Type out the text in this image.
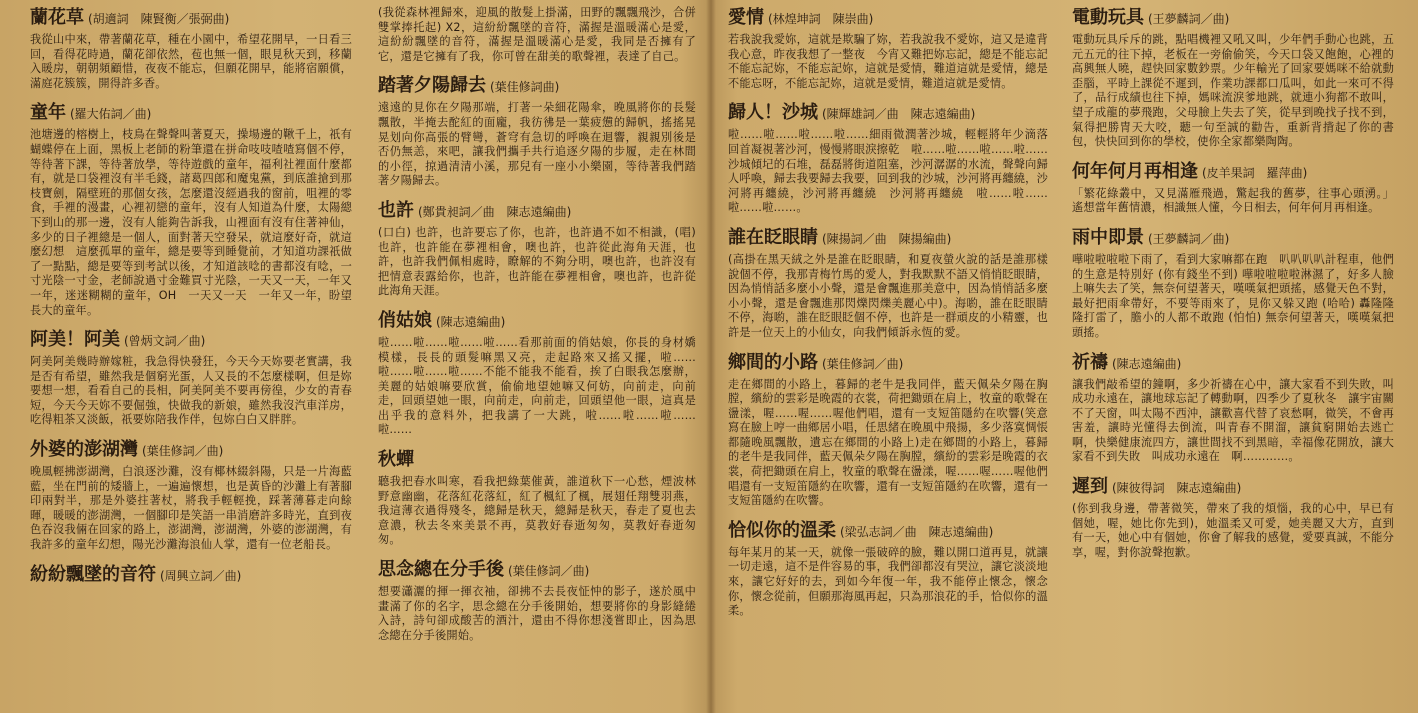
蘭花草 (胡適詞　陳賢衡／張弼曲)

我從山中來，帶著蘭花草，種在小園中，希望花開早，一日看三回，看得花時過，蘭花卻依然，苞也無一個，眼見秋天到，移蘭入暖房，朝朝頻顧惜，夜夜不能忘，但願花開早，能將宿願償，滿庭花簇簇，開得許多香。

童年 (羅大佑詞／曲)

池塘邊的榕樹上，枝鳥在聲聲叫著夏天，操場邊的鞦千上，祇有蝴蝶停在上面，黑板上老師的粉筆還在拼命吱吱喳喳寫個不停，等待著下課，等待著放學，等待遊戲的童年，福利社裡面什麼都有，就是口袋裡沒有半毛錢，諸葛四郎和魔鬼黨，到底誰搶到那枝寶劍，隔壁班的那個女孩，怎麼還沒經過我的窗前，咀裡的零食，手裡的漫畫，心裡初戀的童年，沒有人知道為什麼，太陽總下到山的那一邊，沒有人能夠告訴我，山裡面有沒有住著神仙，多少的日子裡總是一個人，面對著天空發呆，就這麼好奇，就這麼幻想　這麼孤單的童年，總是要等到睡覺前，才知道功課祇做了一點點，總是要等到考試以後，才知道該唸的書都沒有唸，一寸光陰一寸金，老師說過寸金難買寸光陰，一天又一天，一年又一年，迷迷糊糊的童年，OH　一天又一天　一年又一年，盼望長大的童年。

阿美！阿美 (曾炳文詞／曲)

阿美阿美幾時辦嫁粧，我急得快發狂，今天今天妳要老實講，我是否有希望，雖然我是個窮光蛋，人又長的不怎麼樣啊，但是妳要想一想，看看自己的長相，阿美阿美不要再傍徨，少女的青春短，今天今天妳不要倔強，快做我的新娘，雖然我沒汽車洋房，吃得粗茶又淡飯，祇要妳陪我作伴，包妳白白又胖胖。

外婆的澎湖灣 (葉佳修詞／曲)

晚風輕拂澎湖灣，白浪逐沙灘，沒有椰林綴斜陽，只是一片海藍藍，坐在門前的矮牆上，一遍遍懷想，也是黃昏的沙灘上有著腳印兩對半，那是外婆拄著杖，將我手輕輕挽，踩著薄暮走向餘暉，暖暖的澎湖灣，一個腳印是笑語一串消磨許多時光，直到夜色吞沒我倆在回家的路上，澎湖灣，澎湖灣，外婆的澎湖灣，有我許多的童年幻想，陽光沙灘海浪仙人掌，還有一位老船長。

紛紛飄墜的音符 (周興立詞／曲)

(我從森林裡歸來，迎風的散髮上掛滿，田野的飄飄飛沙，合併雙掌捧托起) X2，這紛紛飄墜的音符，滿握是溫暖滿心是愛，這紛紛飄墜的音符，滿握是溫暖滿心是愛，我同是否擁有了它，還是它擁有了我，你可曾在甜美的歌聲裡，表達了自己。

踏著夕陽歸去 (葉佳修詞曲)

遠遠的見你在夕陽那端，打著一朵細花陽傘，晚風將你的長髮飄散，半掩去酡紅的面龐，我彷彿是一葉疲憊的歸帆，搖搖晃晃划向你高張的臂彎，蒼穹有急切的呼喚在迴響，親親別後是否仍無恙，來吧，讓我們攜手共行追逐夕陽的步履，走在林間的小徑，掠過清清小溪，那兒有一座小小樂園，等待著我們踏著夕陽歸去。

也許 (鄭貴昶詞／曲　陳志遠編曲)

(口白) 也許，也許要忘了你，也許，也許過不如不相識，(唱) 也許，也許能在夢裡相會，噢也許，也許從此海角天涯，也許，也許我們佩相處時，瞭解的不夠分明，噢也許，也許沒有把情意表露給你，也許，也許能在夢裡相會，噢也許，也許從此海角天涯。

俏姑娘 (陳志遠編曲)

啦……啦……啦……啦……看那前面的俏姑娘，你長的身材嬌模樣，長長的頭髮嘛黑又亮，走起路來又搖又擺，啦……啦……啦……啦……不能不能我不能看，挨了白眼我怎麼辦，美麗的姑娘嘛要欣賞，偷偷地望她嘛又何妨，向前走，向前走，回頭望她一眼，向前走，向前走，回頭望他一眼，這真是出乎我的意料外，把我講了一大跳，啦……啦……啦……啦……

秋蟬

聽我把春水叫寒，看我把綠葉催黃，誰道秋下一心愁，煙波林野意幽幽，花落紅花落紅，紅了楓紅了楓，展翅任翔雙羽燕，我這薄衣過得殘冬，總歸是秋天，總歸是秋天，春走了夏也去意濃，秋去冬來美景不再，莫教好春逝匆匆，莫教好春逝匆匆。

思念總在分手後 (葉佳修詞／曲)

想要瀟灑的揮一揮衣袖，卻拂不去長夜怔忡的影子，遂於風中畫滿了你的名字，思念總在分手後開始，想要將你的身影縫綣入詩，詩句卻成酸苦的酒汁，還由不得你想淺嘗即止，因為思念總在分手後開始。

愛情 (林煌坤詞　陳崇曲)

若我說我愛妳，這就是欺騙了妳，若我說我不愛妳，這又是違背我心意，昨夜我想了一整夜　今宵又難把妳忘記，總是不能忘記不能忘記妳，不能忘記妳，這就是愛情，難道這就是愛情，總是不能忘呀，不能忘記妳，這就是愛情，難道這就是愛情。

歸人！沙城 (陳輝雄詞／曲　陳志遠編曲)

啦……啦……啦……啦……細雨微潤著沙城，輕輕將年少滴落　回首凝視著沙河，慢慢將眼淚擦乾　啦……啦……啦……啦……沙城傾圮的石堆，磊磊將街道阻塞，沙河潺潺的水流，聲聲向歸人呼喚，歸去我要歸去我要，回到我的沙城，沙河將再纏繞，沙河將再纏繞，沙河將再纏繞　沙河將再纏繞　啦……啦……啦……啦……。

誰在眨眼睛 (陳揚詞／曲　陳揚編曲)

(高掛在黑天絨之外是誰在眨眼睛，和夏夜螢火說的話是誰那樣說個不停，我那青梅竹馬的愛人，對我默默不語又悄悄眨眼睛，因為悄悄話多麼小小聲，還是會飄進那美意中，因為悄悄話多麼小小聲，還是會飄進那閃爍閃爍美麗心中)。海喲，誰在眨眼睛不停，海喲，誰在眨眼眨個不停，也許是一群頑皮的小精靈，也許是一位天上的小仙女，向我們傾訴永恆的愛。

鄉間的小路 (葉佳修詞／曲)

走在鄉間的小路上，暮歸的老牛是我同伴，藍天佩朵夕陽在胸膛，繽紛的雲彩是晚霞的衣裳，荷把鋤頭在肩上，牧童的歌聲在盪漾，喔……喔……喔他們唱，還有一支短笛隱約在吹響(笑意寫在臉上哼一曲鄉居小唱，任思緒在晚風中飛揚，多少落寞惆悵都隨晚風飄散，遺忘在鄉間的小路上)走在鄉間的小路上，暮歸的老牛是我同伴，藍天佩朵夕陽在胸膛，繽紛的雲彩是晚霞的衣裳，荷把鋤頭在肩上，牧童的歌聲在盪漾，喔……喔……喔他們唱還有一支短笛隱約在吹響，還有一支短笛隱約在吹響，還有一支短笛隱約在吹響。

恰似你的溫柔 (梁弘志詞／曲　陳志遠編曲)

每年某月的某一天，就像一張破碎的臉，難以開口道再見，就讓一切走遠，這不是件容易的事，我們卻都沒有哭泣，讓它淡淡地來，讓它好好的去，到如今年復一年，我不能停止懷念，懷念你，懷念從前，但願那海風再起，只為那浪花的手，恰似你的溫柔。

電動玩具 (王夢麟詞／曲)

電動玩具斥斥的跳，點唱機裡又吼又叫，少年們手動心也跳，五元五元的往下掉，老板在一旁偷偷笑，今天口袋又飽飽，心裡的高興無人曉，趕快回家數鈔票。少年輸光了回家要媽咪不給就動歪腦，平時上課從不遲到，作業功課都口瓜叫，如此一來可不得了，品行成績也往下掉，媽咪流淚爹地跳，就連小狗都不敢叫，望子成龍的夢飛跑，父母臉上失去了笑，從早到晚找子找不到，氣得把勝冑天大咬，聽一句至誠的勸告，重新背揹起了你的書包，快快回到你的學校，使你全家都樂陶陶。

何年何月再相逢 (皮羊果詞　羅萍曲)

「繁花綠叢中，又見滿雁飛過，驚起我的舊夢，往事心頭湧。」遙想當年舊情濃，相識無人懂，今日相去，何年何月再相逢。

雨中即景 (王夢麟詞／曲)

嘩啦啦啦啦下雨了，看到大家嘛都在跑　叭叭叭叭計程車，他們的生意是特別好 (你有錢坐不到) 嘩啦啦啦啦淋濕了，好多人臉上嘛失去了笑，無奈何望著天，嘆嘆氣把頭搖，感覺天色不對，最好把雨傘帶好，不要等雨來了，見你又躲又跑 (哈哈) 轟隆隆隆打雷了，膽小的人都不敢跑 (怕怕) 無奈何望著天，嘆嘆氣把頭搖。

祈禱 (陳志遠編曲)

讓我們敲希望的鐘啊，多少祈禱在心中，讓大家看不到失敗，叫成功永遠在，讓地球忘記了轉動啊，四季少了夏秋冬　讓宇宙關不了天窗，叫太陽不西沖，讓歡喜代替了哀愁啊，微笑，不會再害羞，讓時光懂得去倒流，叫青春不開溜，讓貧窮開始去逃亡啊，快樂健康流四方，讓世間找不到黑暗，幸福像花開放，讓大家看不到失敗　叫成功永遠在　啊…………。

遲到 (陳彼得詞　陳志遠編曲)

(你到我身邊，帶著微笑，帶來了我的煩惱，我的心中，早已有個她，喔，她比你先到)，她溫柔又可愛，她美麗又大方，直到有一天，她心中有個她，你會了解我的感覺，愛要真誠，不能分享，喔，對你說聲抱歉。
